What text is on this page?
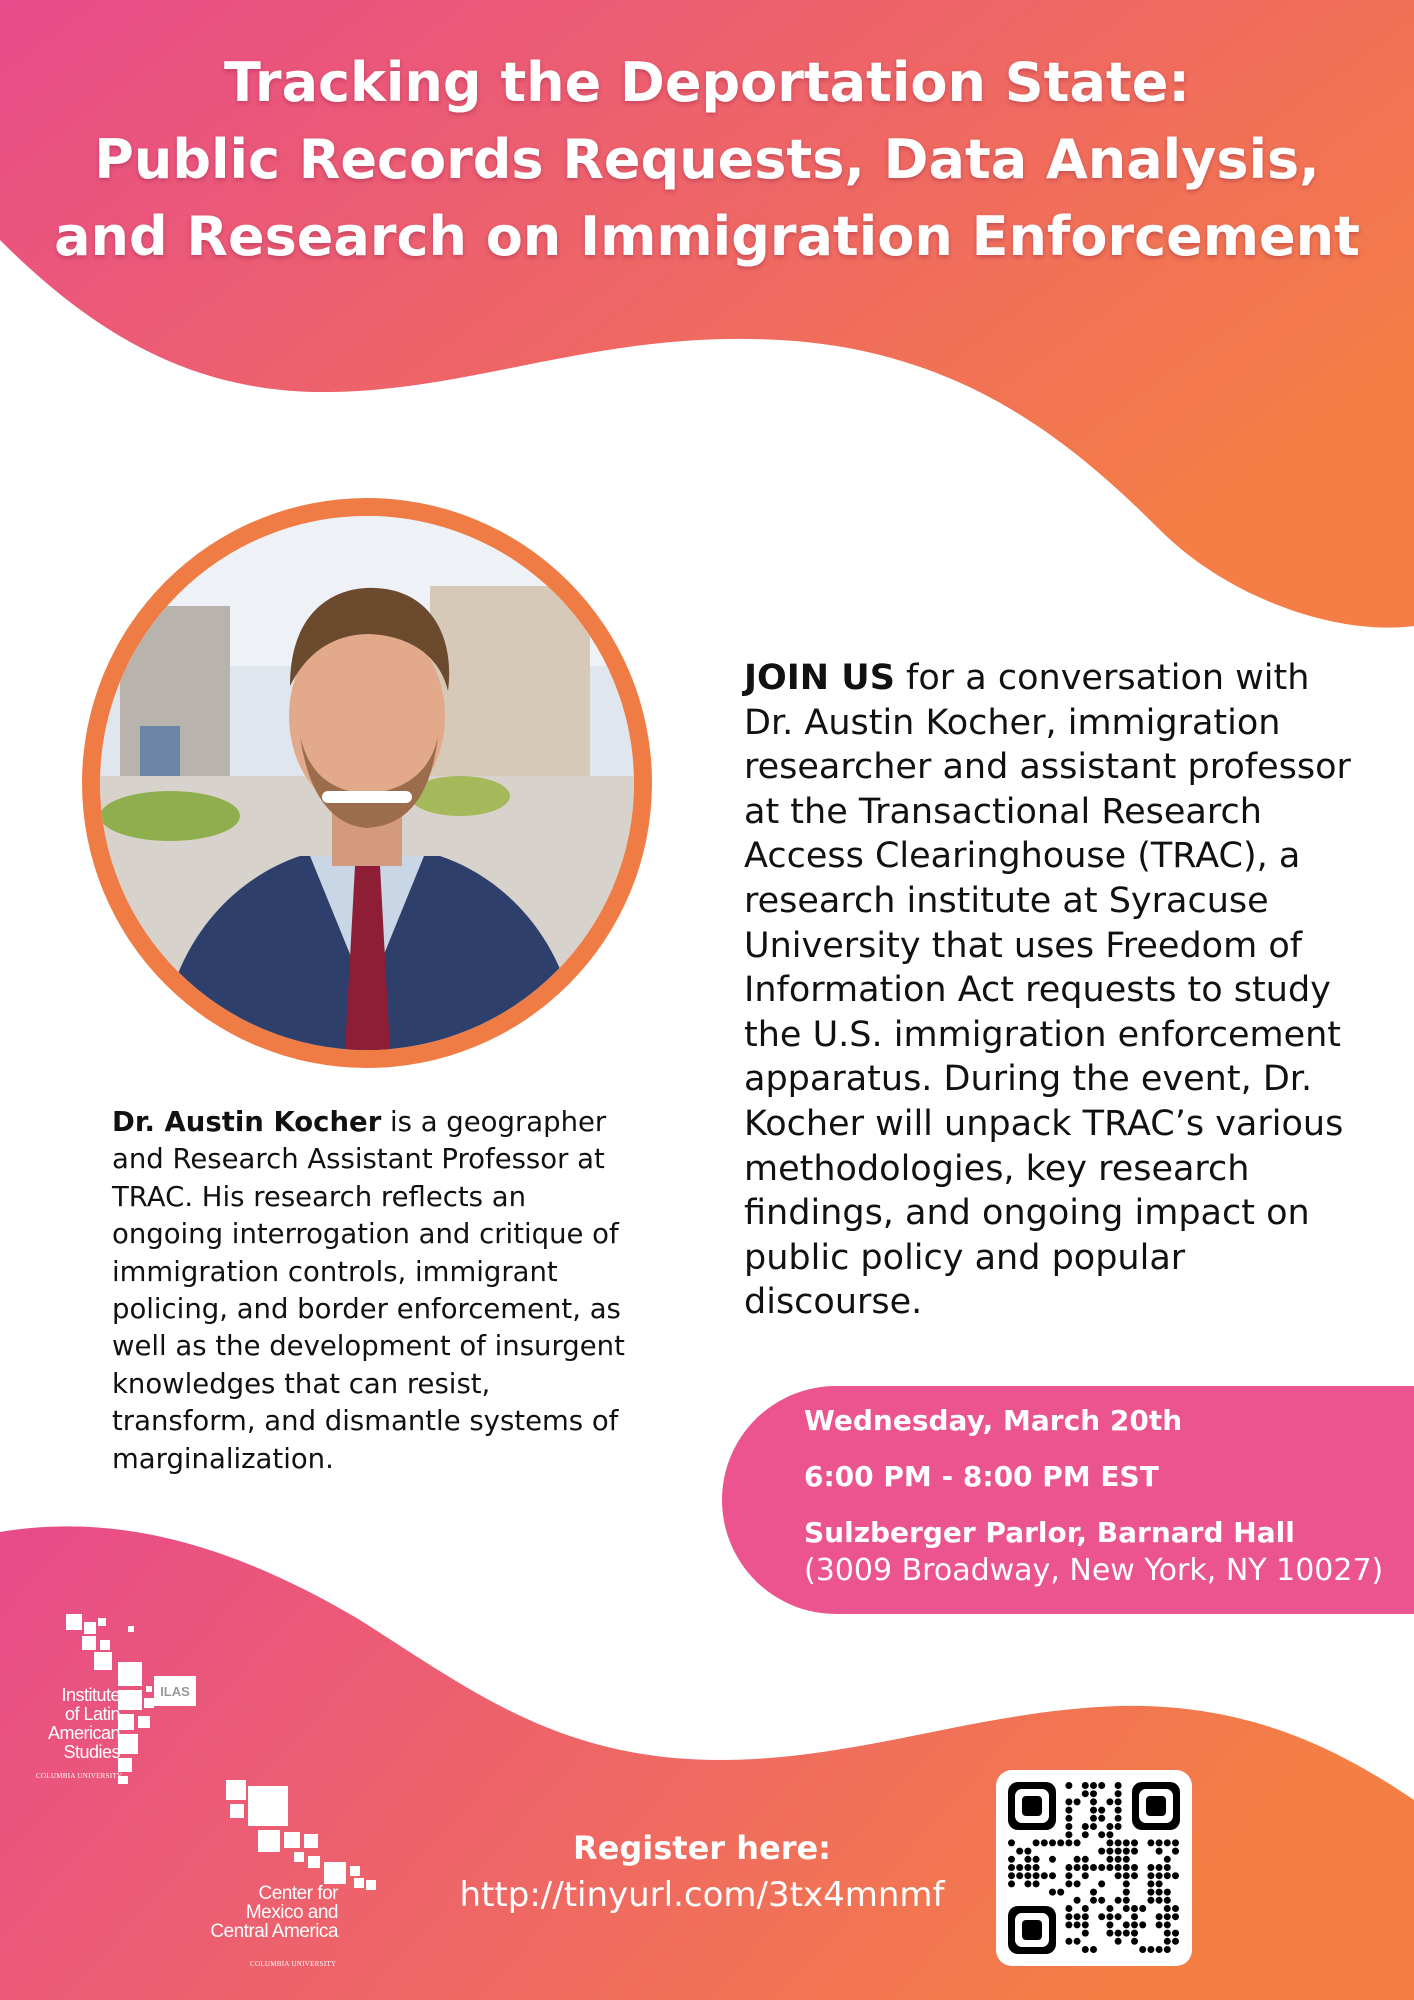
Tracking the Deportation State:
Public Records Requests, Data Analysis,
and Research on Immigration Enforcement
Dr. Austin Kocher is a geographer and Research Assistant Professor at TRAC. His research reflects an ongoing interrogation and critique of immigration controls, immigrant policing, and border enforcement, as well as the development of insurgent knowledges that can resist, transform, and dismantle systems of marginalization.
JOIN US for a conversation with Dr. Austin Kocher, immigration researcher and assistant professor at the Transactional Research Access Clearinghouse (TRAC), a research institute at Syracuse University that uses Freedom of Information Act requests to study the U.S. immigration enforcement apparatus. During the event, Dr. Kocher will unpack TRAC’s various methodologies, key research findings, and ongoing impact on public policy and popular discourse.
Wednesday, March 20th
6:00 PM - 8:00 PM EST
Sulzberger Parlor, Barnard Hall
(3009 Broadway, New York, NY 10027)
Register here:
http://tinyurl.com/3tx4mnmf
ILAS
Institute
of Latin
American
Studies
COLUMBIA UNIVERSITY
Center for
Mexico and
Central America
COLUMBIA UNIVERSITY
